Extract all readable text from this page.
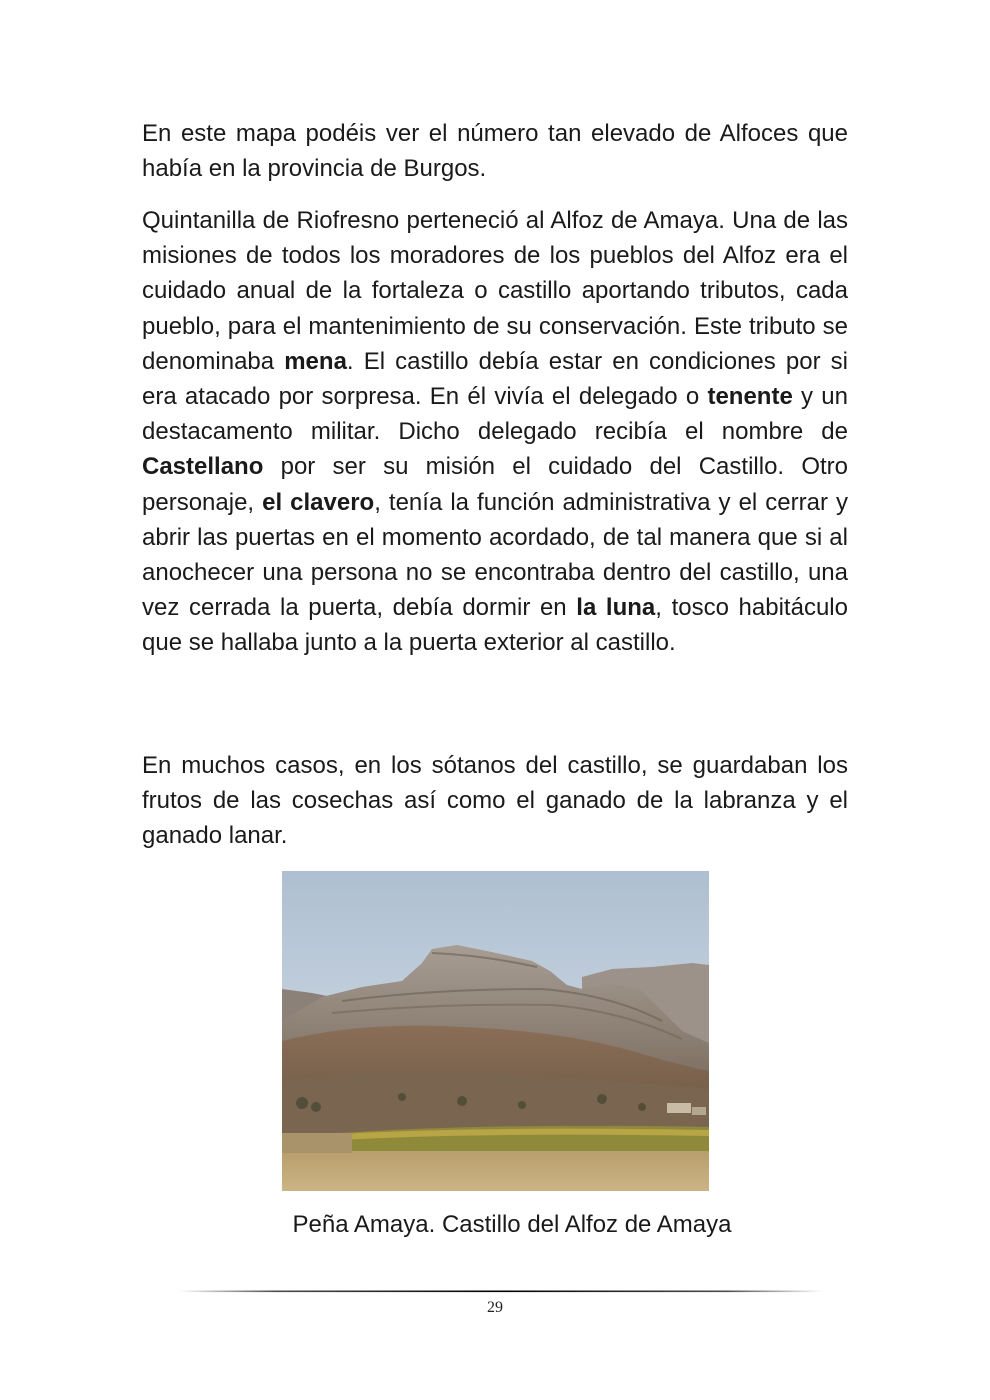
En este mapa podéis ver el número tan elevado de Alfoces que había en la provincia de Burgos.

Quintanilla de Riofresno perteneció al Alfoz de Amaya. Una de las misiones de todos los moradores de los pueblos del Alfoz era el cuidado anual de la fortaleza o castillo aportando tributos, cada pueblo, para el mantenimiento de su conservación. Este tributo se denominaba mena. El castillo debía estar en condiciones por si era atacado por sorpresa. En él vivía el delegado o tenente y un destacamento militar. Dicho delegado recibía el nombre de Castellano por ser su misión el cuidado del Castillo. Otro personaje, el clavero, tenía la función administrativa y el cerrar y abrir las puertas en el momento acordado, de tal manera que si al anochecer una persona no se encontraba dentro del castillo, una vez cerrada la puerta, debía dormir en la luna, tosco habitáculo que se hallaba junto a la puerta exterior al castillo.

En muchos casos, en los sótanos del castillo, se guardaban los frutos de las cosechas así como el ganado de la labranza y el ganado lanar.

Peña Amaya. Castillo del Alfoz de Amaya
29
